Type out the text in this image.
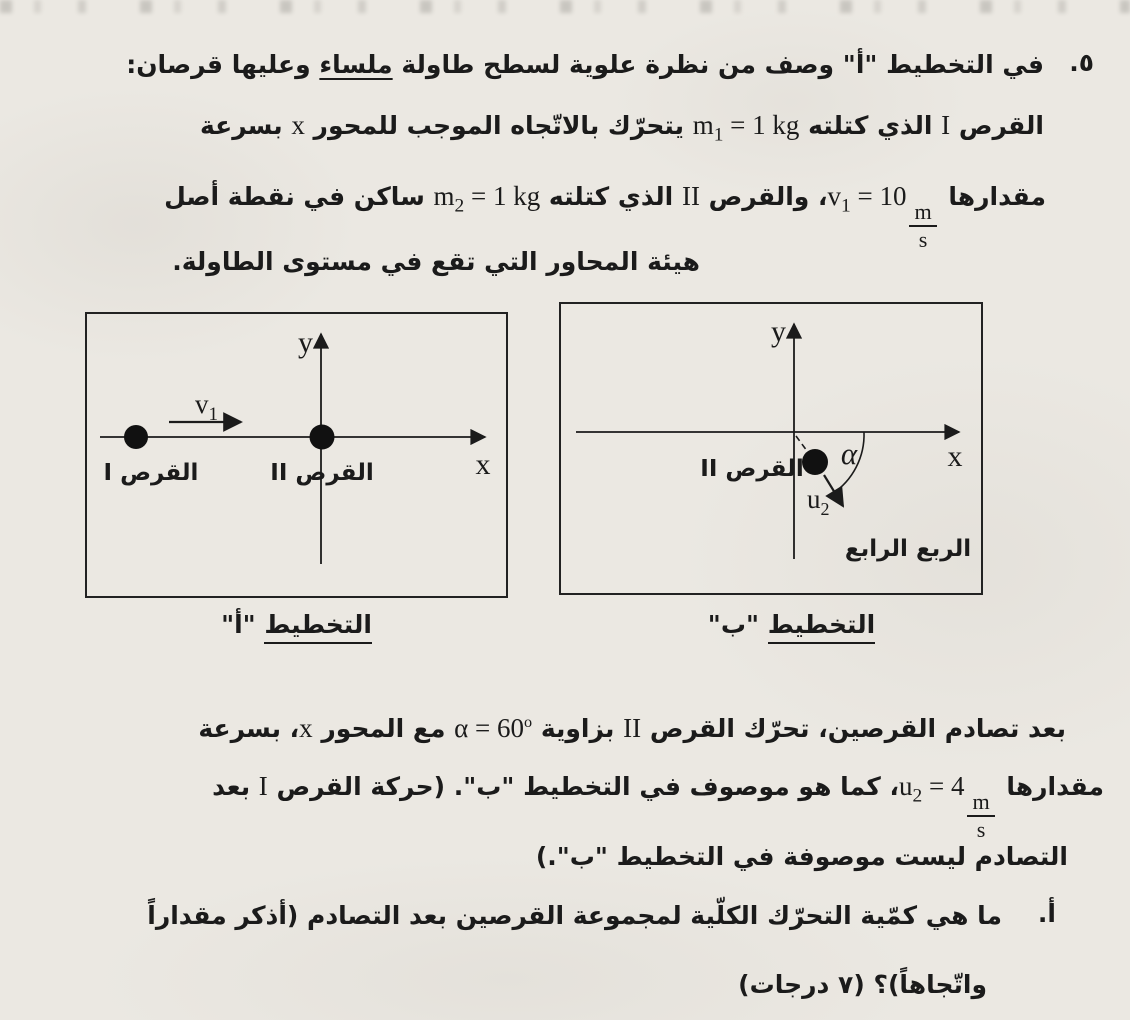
٥.
في التخطيط "أ" وصف من نظرة علوية لسطح طاولة ملساء وعليها قرصان:
القرص I الذي كتلته $m_1 = 1$ kg يتحرّك بالاتّجاه الموجب للمحور x بسرعة
مقدارها $v_1 = 10$
$\frac{m}{s}$
، والقرص II الذي كتلته $m_2 = 1$ kg ساكن في نقطة أصل
هيئة المحاور التي تقع في مستوى الطاولة.
y
x
$v_1$
القرص I	القرص II
y
x
α
$u_2$
القرص II
الربع الرابع
التخطيط "أ"	التخطيط "ب"
بعد تصادم القرصين، تحرّك القرص II بزاوية $\alpha = 60^o$ مع المحور x، بسرعة
مقدارها $u_2 = 4$
$\frac{m}{s}$
، كما هو موصوف في التخطيط "ب". (حركة القرص I بعد
التصادم ليست موصوفة في التخطيط "ب".)
أ.
ما هي كمّية التحرّك الكلّية لمجموعة القرصين بعد التصادم (أذكر مقداراً
واتّجاهاً)؟ (٧ درجات)
